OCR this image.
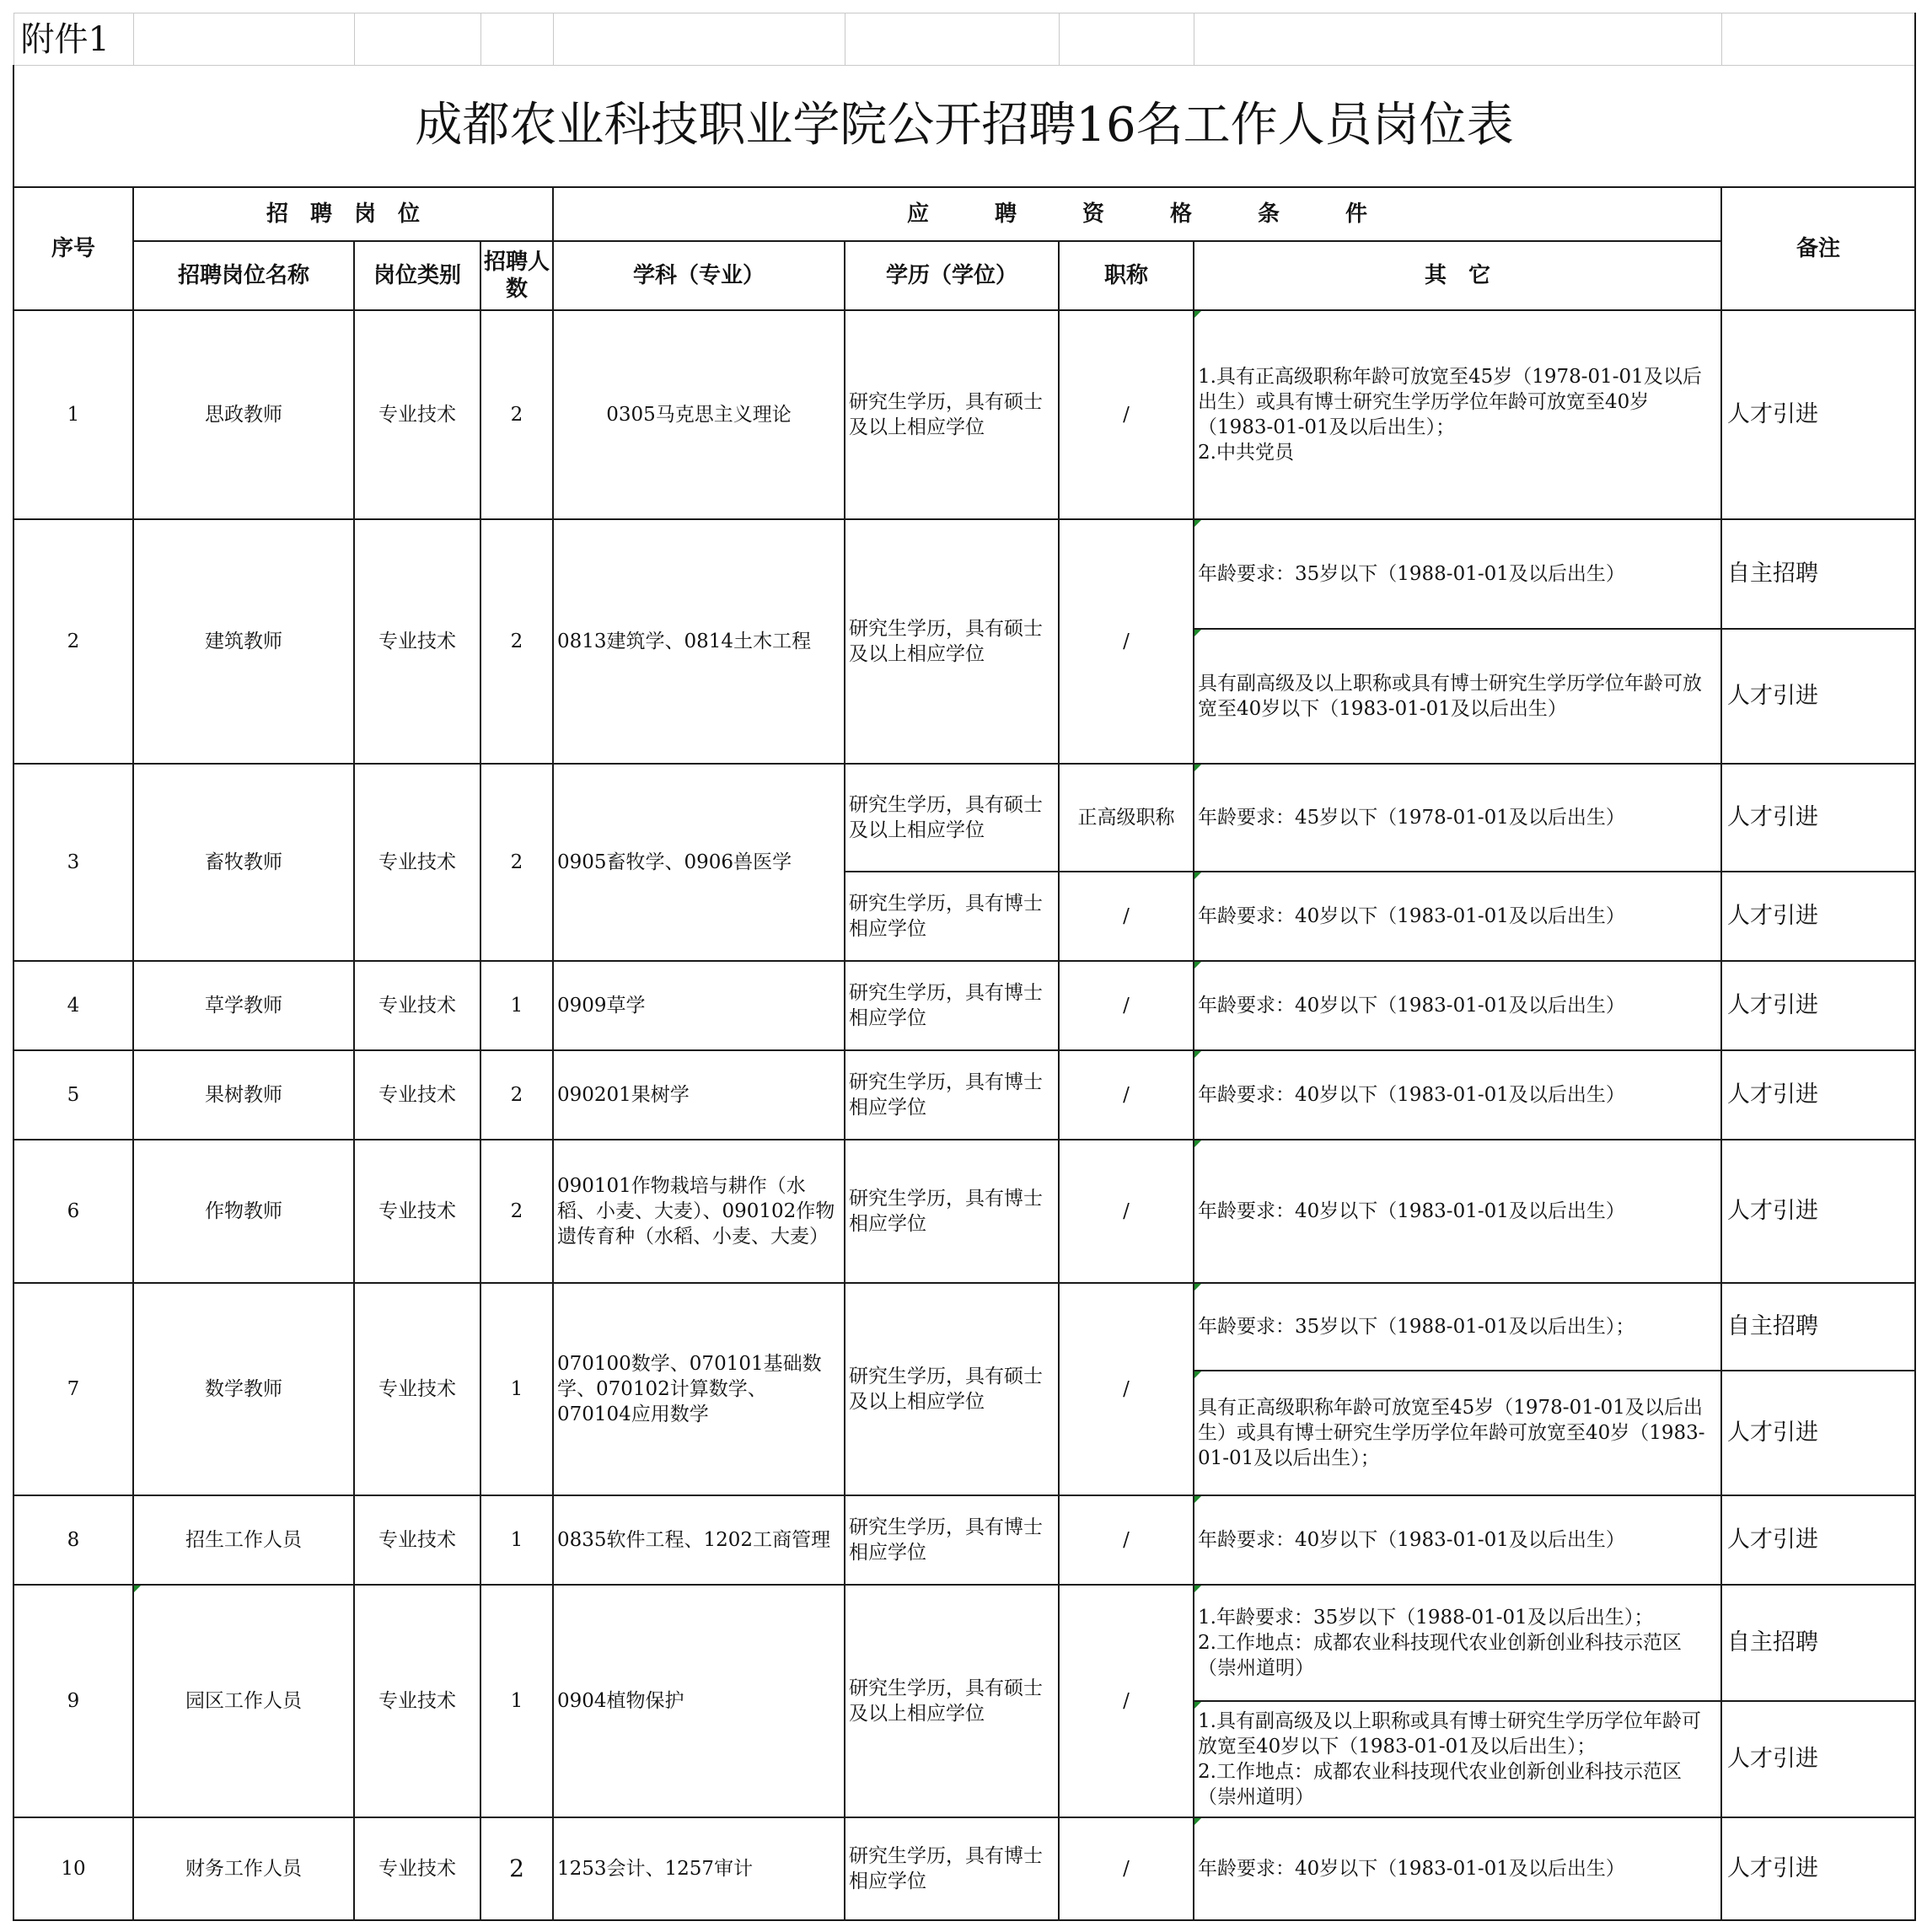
附件1								
成都农业科技职业学院公开招聘16名工作人员岗位表								
序号	招　聘　岗　位			应　　　聘　　　资　　　格　　　条　　　件				备注
	招聘岗位名称	岗位类别	招聘人数	学科（专业）	学历（学位）	职称	其　它	
1	思政教师	专业技术	2	0305马克思主义理论	研究生学历，具有硕士及以上相应学位	/	1.具有正高级职称年龄可放宽至45岁（1978-01-01及以后出生）或具有博士研究生学历学位年龄可放宽至40岁（1983-01-01及以后出生）；
2.中共党员	人才引进
2	建筑教师	专业技术	2	0813建筑学、0814土木工程	研究生学历，具有硕士及以上相应学位	/	年龄要求：35岁以下（1988-01-01及以后出生）	自主招聘
							具有副高级及以上职称或具有博士研究生学历学位年龄可放宽至40岁以下（1983-01-01及以后出生）	人才引进
3	畜牧教师	专业技术	2	0905畜牧学、0906兽医学	研究生学历，具有硕士及以上相应学位	正高级职称	年龄要求：45岁以下（1978-01-01及以后出生）	人才引进
					研究生学历，具有博士相应学位	/	年龄要求：40岁以下（1983-01-01及以后出生）	人才引进
4	草学教师	专业技术	1	0909草学	研究生学历，具有博士相应学位	/	年龄要求：40岁以下（1983-01-01及以后出生）	人才引进
5	果树教师	专业技术	2	090201果树学	研究生学历，具有博士相应学位	/	年龄要求：40岁以下（1983-01-01及以后出生）	人才引进
6	作物教师	专业技术	2	090101作物栽培与耕作（水稻、小麦、大麦）、090102作物遗传育种（水稻、小麦、大麦）	研究生学历，具有博士相应学位	/	年龄要求：40岁以下（1983-01-01及以后出生）	人才引进
7	数学教师	专业技术	1	070100数学、070101基础数学、070102计算数学、070104应用数学	研究生学历，具有硕士及以上相应学位	/	年龄要求：35岁以下（1988-01-01及以后出生）；	自主招聘
							具有正高级职称年龄可放宽至45岁（1978-01-01及以后出生）或具有博士研究生学历学位年龄可放宽至40岁（1983-01-01及以后出生）；	人才引进
8	招生工作人员	专业技术	1	0835软件工程、1202工商管理	研究生学历，具有博士相应学位	/	年龄要求：40岁以下（1983-01-01及以后出生）	人才引进
9	园区工作人员	专业技术	1	0904植物保护	研究生学历，具有硕士及以上相应学位	/	1.年龄要求：35岁以下（1988-01-01及以后出生）；
2.工作地点：成都农业科技现代农业创新创业科技示范区（崇州道明）	自主招聘
							1.具有副高级及以上职称或具有博士研究生学历学位年龄可放宽至40岁以下（1983-01-01及以后出生）；
2.工作地点：成都农业科技现代农业创新创业科技示范区（崇州道明）	人才引进
10	财务工作人员	专业技术	2	1253会计、1257审计	研究生学历，具有博士相应学位	/	年龄要求：40岁以下（1983-01-01及以后出生）	人才引进
